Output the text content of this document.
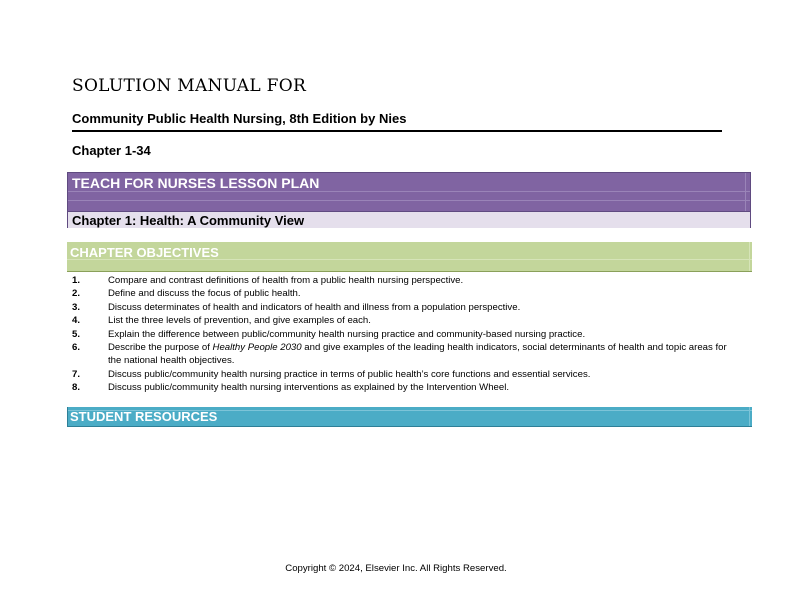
SOLUTION MANUAL FOR
Community Public Health Nursing, 8th Edition by Nies
Chapter 1-34
TEACH FOR NURSES LESSON PLAN
Chapter 1: Health: A Community View
CHAPTER OBJECTIVES
1.	Compare and contrast definitions of health from a public health nursing perspective.
2.	Define and discuss the focus of public health.
3.	Discuss determinates of health and indicators of health and illness from a population perspective.
4.	List the three levels of prevention, and give examples of each.
5.	Explain the difference between public/community health nursing practice and community-based nursing practice.
6.	Describe the purpose of Healthy People 2030 and give examples of the leading health indicators, social determinants of health and topic areas for the national health objectives.
7.	Discuss public/community health nursing practice in terms of public health’s core functions and essential services.
8.	Discuss public/community health nursing interventions as explained by the Intervention Wheel.
STUDENT RESOURCES
Copyright © 2024, Elsevier Inc. All Rights Reserved.
